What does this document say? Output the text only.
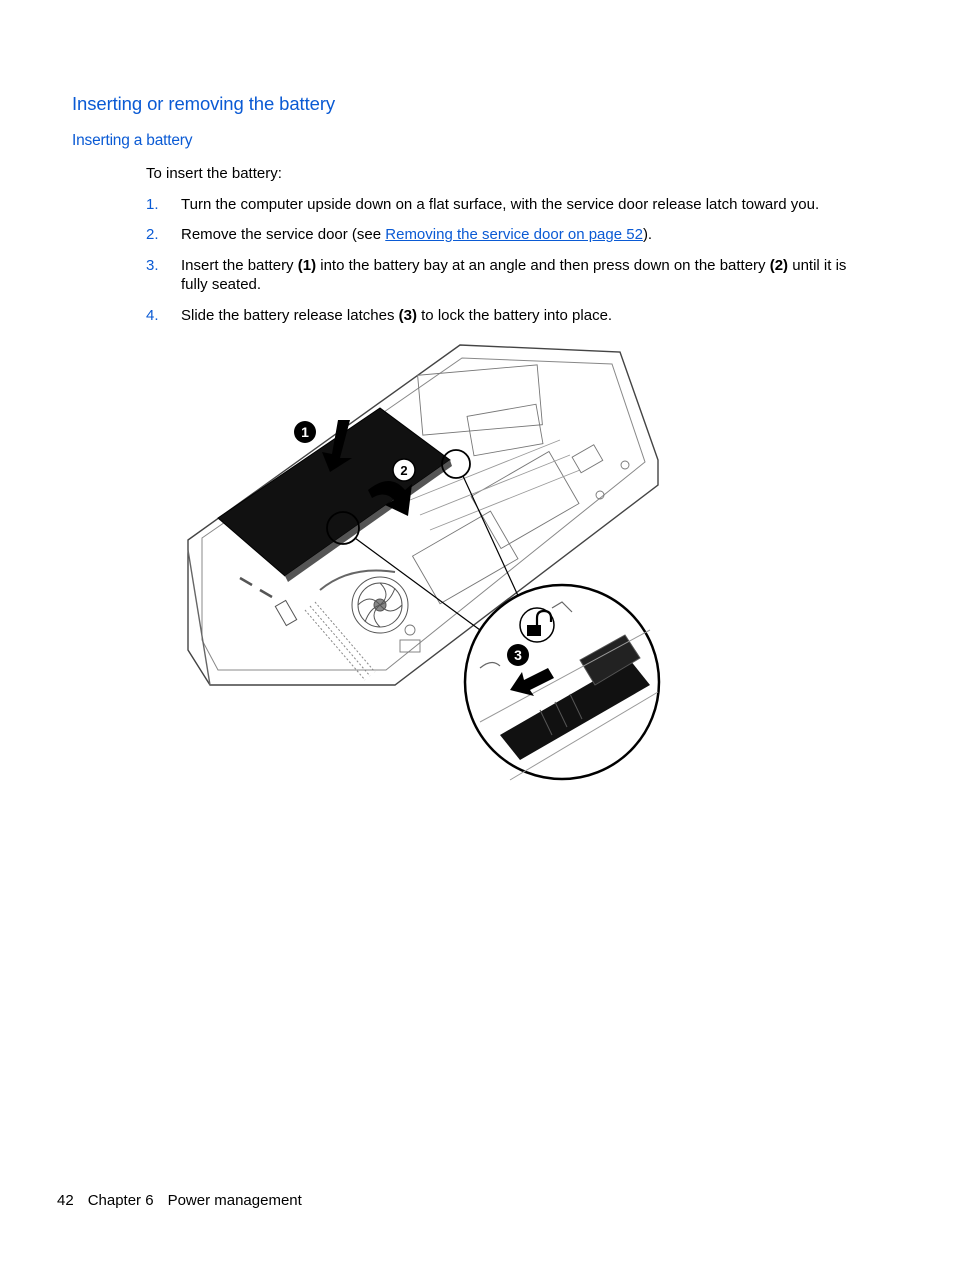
Inserting or removing the battery
Inserting a battery
To insert the battery:
1. Turn the computer upside down on a flat surface, with the service door release latch toward you.
2. Remove the service door (see Removing the service door on page 52).
3. Insert the battery (1) into the battery bay at an angle and then press down on the battery (2) until it is fully seated.
4. Slide the battery release latches (3) to lock the battery into place.
1
2
3
42 Chapter 6 Power management
